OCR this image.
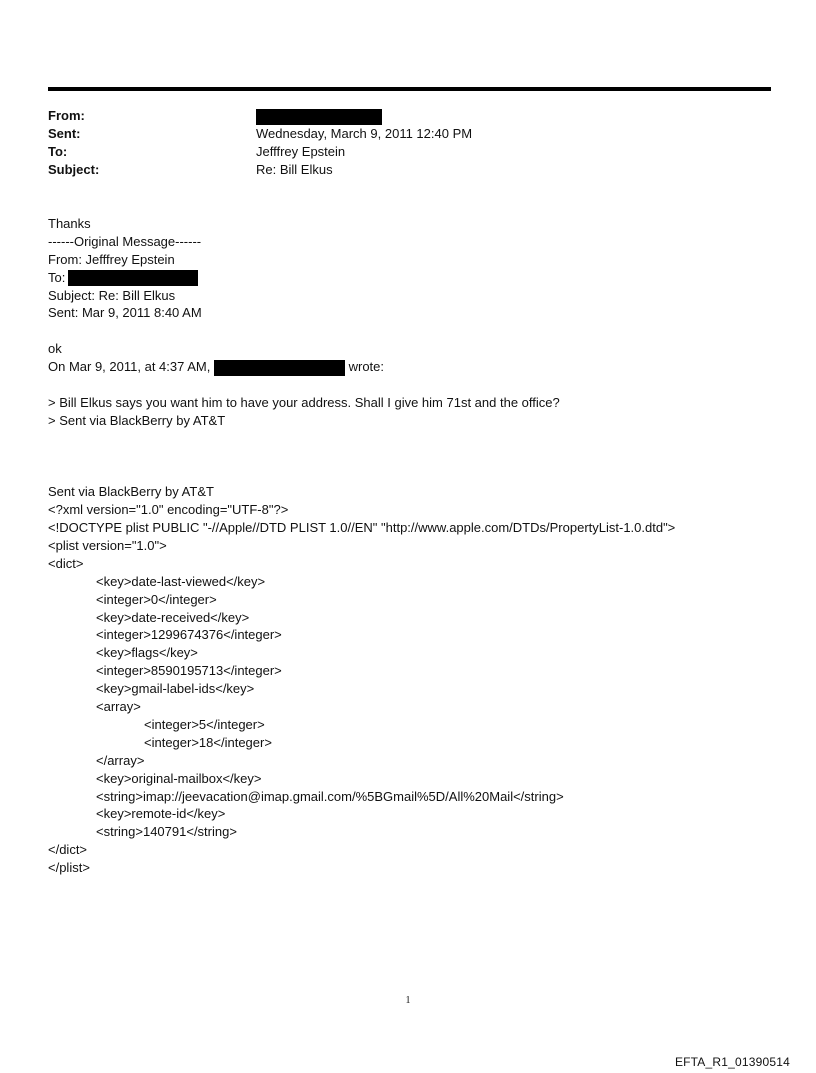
From:
Sent:	Wednesday, March 9, 2011 12:40 PM
To:	Jefffrey Epstein
Subject:	Re: Bill Elkus
Thanks
------Original Message------
From: Jefffrey Epstein
To:
Subject: Re: Bill Elkus
Sent: Mar 9, 2011 8:40 AM
ok
On Mar 9, 2011, at 4:37 AM,	wrote:
> Bill Elkus says you want him to have your address. Shall I give him 71st and the office?
> Sent via BlackBerry by AT&T
Sent via BlackBerry by AT&T
<?xml version="1.0" encoding="UTF-8"?>
<!DOCTYPE plist PUBLIC "-//Apple//DTD PLIST 1.0//EN" "http://www.apple.com/DTDs/PropertyList-1.0.dtd">
<plist version="1.0">
<dict>
<key>date-last-viewed</key>
<integer>0</integer>
<key>date-received</key>
<integer>1299674376</integer>
<key>flags</key>
<integer>8590195713</integer>
<key>gmail-label-ids</key>
<array>
<integer>5</integer>
<integer>18</integer>
</array>
<key>original-mailbox</key>
<string>imap://jeevacation@imap.gmail.com/%5BGmail%5D/All%20Mail</string>
<key>remote-id</key>
<string>140791</string>
</dict>
</plist>
1
EFTA_R1_01390514
